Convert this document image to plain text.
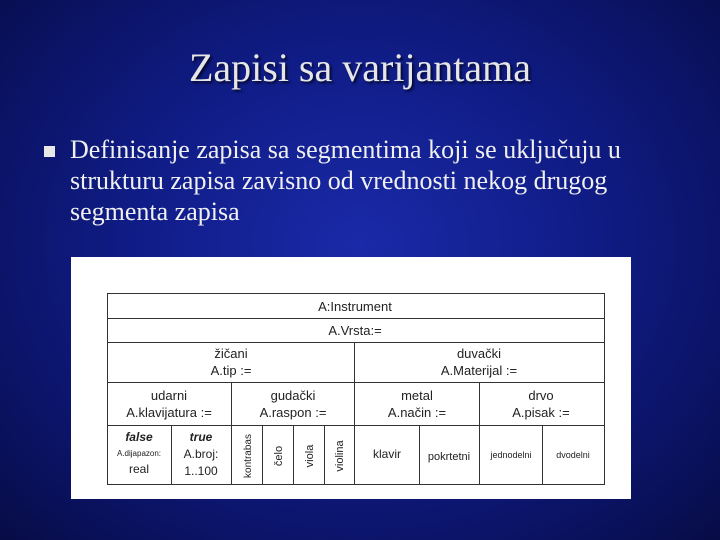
Zapisi sa varijantama
Definisanje zapisa sa segmentima koji se uključuju u strukturu zapisa zavisno od vrednosti nekog drugog segmenta zapisa
A:Instrument
A.Vrsta:=
žičani
A.tip :=
duvački
A.Materijal :=
udarni
A.klavijatura :=
gudački
A.raspon :=
metal
A.način :=
drvo
A.pisak :=
false
A.dijapazon:
real
true
A.broj:
1..100	kontrabas čelo viola violina klavir pokrtetni jednodelni	dvodelni
